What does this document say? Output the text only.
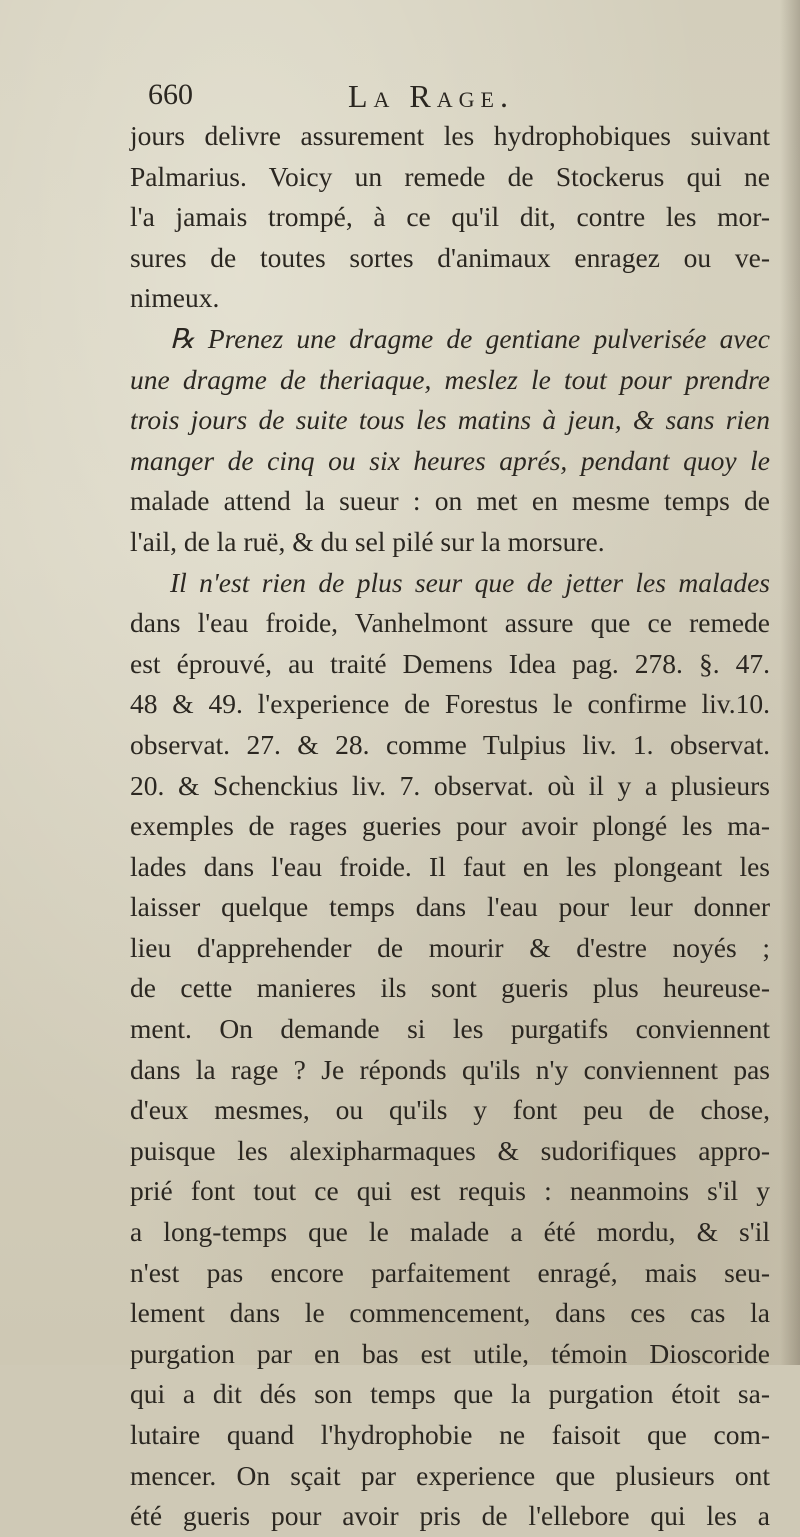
660	La Rage.
jours delivre assurement les hydrophobiques suivant
Palmarius. Voicy un remede de Stockerus qui ne
l'a jamais trompé, à ce qu'il dit, contre les mor-
sures de toutes sortes d'animaux enragez ou ve-
nimeux.
℞ Prenez une dragme de gentiane pulverisée avec
une dragme de theriaque, meslez le tout pour prendre
trois jours de suite tous les matins à jeun, & sans rien
manger de cinq ou six heures aprés, pendant quoy le
malade attend la sueur : on met en mesme temps de
l'ail, de la ruë, & du sel pilé sur la morsure.
Il n'est rien de plus seur que de jetter les malades
dans l'eau froide, Vanhelmont assure que ce remede
est éprouvé, au traité Demens Idea pag. 278. §. 47.
48 & 49. l'experience de Forestus le confirme liv.10.
observat. 27. & 28. comme Tulpius liv. 1. observat.
20. & Schenckius liv. 7. observat. où il y a plusieurs
exemples de rages gueries pour avoir plongé les ma-
lades dans l'eau froide. Il faut en les plongeant les
laisser quelque temps dans l'eau pour leur donner
lieu d'apprehender de mourir & d'estre noyés ;
de cette manieres ils sont gueris plus heureuse-
ment. On demande si les purgatifs conviennent
dans la rage ? Je réponds qu'ils n'y conviennent pas
d'eux mesmes, ou qu'ils y font peu de chose,
puisque les alexipharmaques & sudorifiques appro-
prié font tout ce qui est requis : neanmoins s'il y
a long-temps que le malade a été mordu, & s'il
n'est pas encore parfaitement enragé, mais seu-
lement dans le commencement, dans ces cas la
purgation par en bas est utile, témoin Dioscoride
qui a dit dés son temps que la purgation étoit sa-
lutaire quand l'hydrophobie ne faisoit que com-
mencer. On sçait par experience que plusieurs ont
été gueris pour avoir pris de l'ellebore qui les a
